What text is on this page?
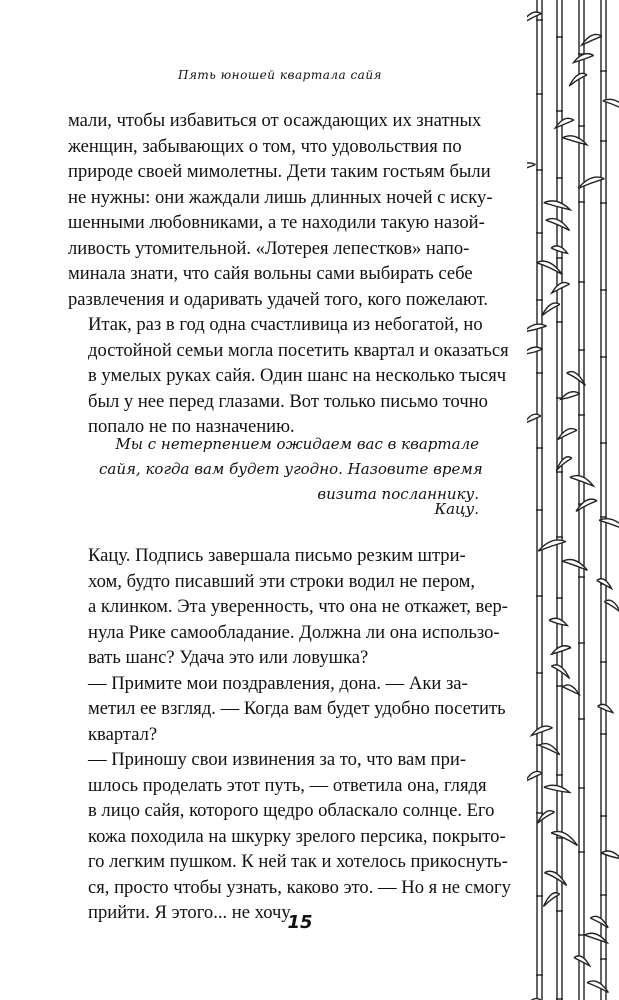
Пять юношей квартала сайя

мали, чтобы избавиться от осаждающих их знатных
женщин, забывающих о том, что удовольствия по
природе своей мимолетны. Дети таким гостьям были
не нужны: они жаждали лишь длинных ночей с иску-
шенными любовниками, а те находили такую назой-
ливость утомительной. «Лотерея лепестков» напо-
минала знати, что сайя вольны сами выбирать себе
развлечения и одаривать удачей того, кого пожелают.

Итак, раз в год одна счастливица из небогатой, но
достойной семьи могла посетить квартал и оказаться
в умелых руках сайя. Один шанс на несколько тысяч
был у нее перед глазами. Вот только письмо точно
попало не по назначению.

Мы с нетерпением ожидаем вас в квартале
сайя, когда вам будет угодно. Назовите время
визита посланнику.
Кацу.

Кацу. Подпись завершала письмо резким штри-
хом, будто писавший эти строки водил не пером,
а клинком. Эта уверенность, что она не откажет, вер-
нула Рике самообладание. Должна ли она использо-
вать шанс? Удача это или ловушка?

— Примите мои поздравления, дона. — Аки за-
метил ее взгляд. — Когда вам будет удобно посетить
квартал?

— Приношу свои извинения за то, что вам при-
шлось проделать этот путь, — ответила она, глядя
в лицо сайя, которого щедро обласкало солнце. Его
кожа походила на шкурку зрелого персика, покрыто-
го легким пушком. К ней так и хотелось прикоснуть-
ся, просто чтобы узнать, каково это. — Но я не смогу
прийти. Я этого... не хочу.

15
